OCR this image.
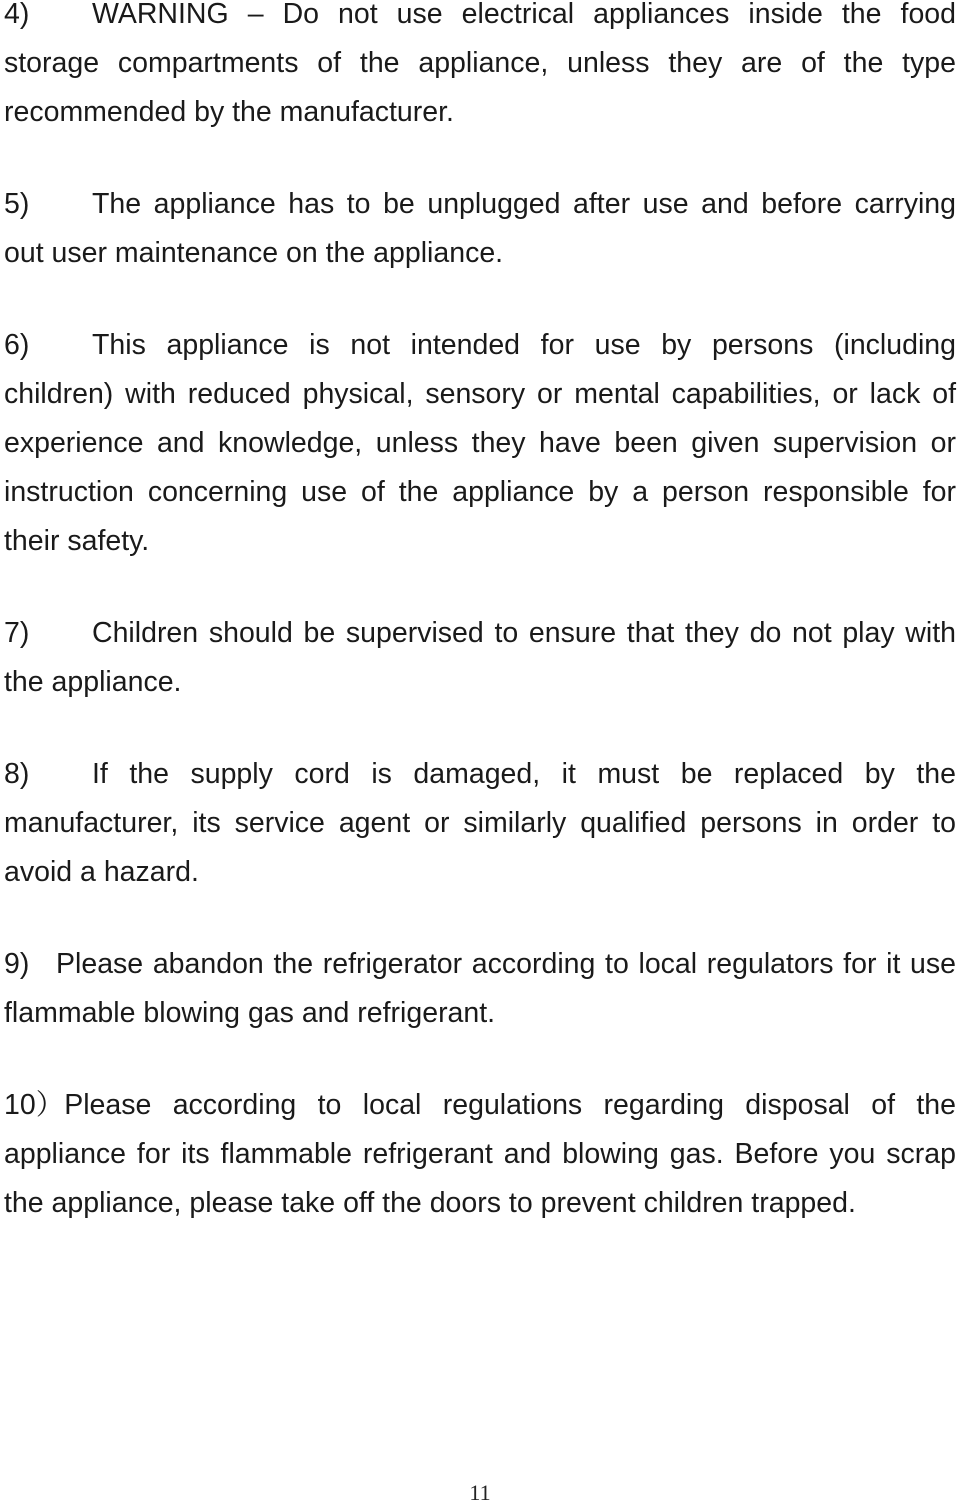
4) WARNING – Do not use electrical appliances inside the food storage compartments of the appliance, unless they are of the type recommended by the manufacturer.

5) The appliance has to be unplugged after use and before carrying out user maintenance on the appliance.

6) This appliance is not intended for use by persons (including children) with reduced physical, sensory or mental capabilities, or lack of experience and knowledge, unless they have been given supervision or instruction concerning use of the appliance by a person responsible for their safety.

7) Children should be supervised to ensure that they do not play with the appliance.

8) If the supply cord is damaged, it must be replaced by the manufacturer, its service agent or similarly qualified persons in order to avoid a hazard.

9) Please abandon the refrigerator according to local regulators for it use flammable blowing gas and refrigerant.

10）Please according to local regulations regarding disposal of the appliance for its flammable refrigerant and blowing gas. Before you scrap the appliance, please take off the doors to prevent children trapped.

11
